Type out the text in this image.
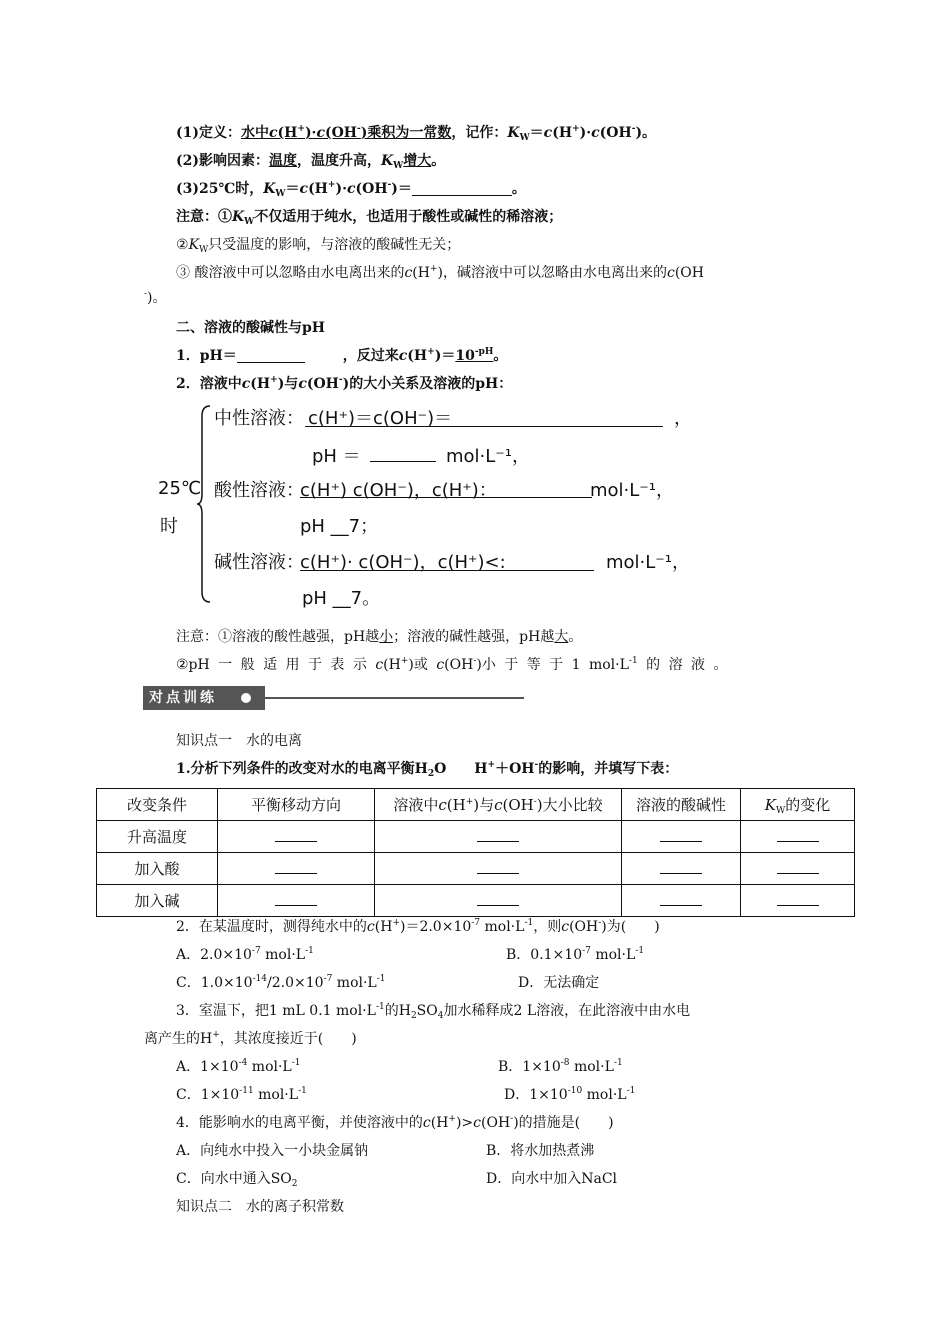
(1)定义：水中c(H+)·c(OH-)乘积为一常数，记作：$K_W=c(H^+)\cdot c(OH^-)$。
(2)影响因素：温度，温度升高，$K_W$增大。
(3)25℃时，$K_W=c(H^+)\cdot c(OH^-)=$	。
注意：$①K_W$不仅适用于纯水，也适用于酸性或碱性的稀溶液；
$②K_W$只受温度的影响，与溶液的酸碱性无关；
③ 酸溶液中可以忽略由水电离出来的c(H+)，碱溶液中可以忽略由水电离出来的c(OH
-)。
二、溶液的酸碱性与pH
1．pH＝	，反过来$c(H^+)=10^{-pH}$。
2．溶液中c(H+)与c(OH-)的大小关系及溶液的pH：
25℃
时
中性溶液： c(H⁺)＝c(OH⁻)＝	，
pH ＝	mol·L⁻¹，
酸性溶液：
c(H⁺) c(OH⁻)，c(H⁺)：	mol·L⁻¹，
pH __7；
碱性溶液：
c(H⁺)· c(OH⁻)，c(H⁺)<:	mol·L⁻¹，
pH __7。
注意：①溶液的酸性越强，pH越小；溶液的碱性越强，pH越大。
②pH 一 般 适 用 于 表 示 c(H+)或 c(OH-)小 于 等 于 1 $mol\cdot L^{-1}$ 的 溶 液 。
对点训练
知识点一　水的电离
1.分析下列条件的改变对水的电离平衡$H_2O$　　H+＋OH-的影响，并填写下表：
改变条件	平衡移动方向	溶液中c(H+)与c(OH-)大小比较	溶液的酸碱性	$K_W$的变化
升高温度				
加入酸				
加入碱				
2．在某温度时，测得纯水中的$c(H^+)=2.0\times 10^{-7}$ $mol\cdot L^{-1}$，则c(OH-)为(　　)
A．$2.0\times 10^{-7}$ $mol\cdot L^{-1}$	B．$0.1\times 10^{-7}$ $mol\cdot L^{-1}$
C．$1.0\times 10^{-14}/2.0\times 10^{-7}$ $mol\cdot L^{-1}$	D．无法确定
3．室温下，把1 mL 0.1 $mol\cdot L^{-1}$的$H_2SO_4$加水稀释成2 L溶液，在此溶液中由水电
离产生的H+，其浓度接近于(　　)
A．$1\times 10^{-4}$ $mol\cdot L^{-1}$	B．$1\times 10^{-8}$ $mol\cdot L^{-1}$
C．$1\times 10^{-11}$ $mol\cdot L^{-1}$	D．$1\times 10^{-10}$ $mol\cdot L^{-1}$
4．能影响水的电离平衡，并使溶液中的c(H+)>c(OH-)的措施是(　　)
A．向纯水中投入一小块金属钠	B．将水加热煮沸
C．向水中通入$SO_2$	D．向水中加入NaCl
知识点二　水的离子积常数
